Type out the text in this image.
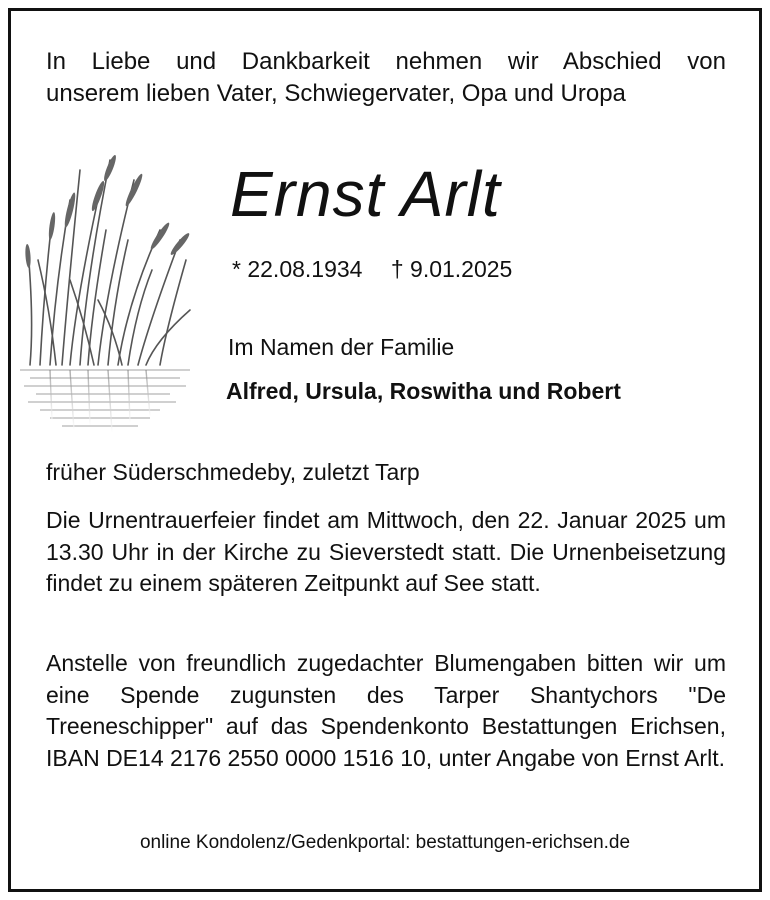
In Liebe und Dankbarkeit nehmen wir Abschied von
unserem lieben Vater, Schwiegervater, Opa und Uropa
Ernst Arlt
* 22.08.1934 † 9.01.2025
Im Namen der Familie
Alfred, Ursula, Roswitha und Robert
früher Süderschmedeby, zuletzt Tarp
Die Urnentrauerfeier findet am Mittwoch, den 22. Januar 2025 um 13.30 Uhr in der Kirche zu Sieverstedt statt. Die Urnenbeisetzung findet zu einem späteren Zeitpunkt auf See statt.
Anstelle von freundlich zugedachter Blumengaben bitten wir um eine Spende zugunsten des Tarper Shantychors "De Treeneschipper" auf das Spendenkonto Bestattungen Erichsen, IBAN DE14 2176 2550 0000 1516 10, unter Angabe von Ernst Arlt.
online Kondolenz/Gedenkportal: bestattungen-erichsen.de
